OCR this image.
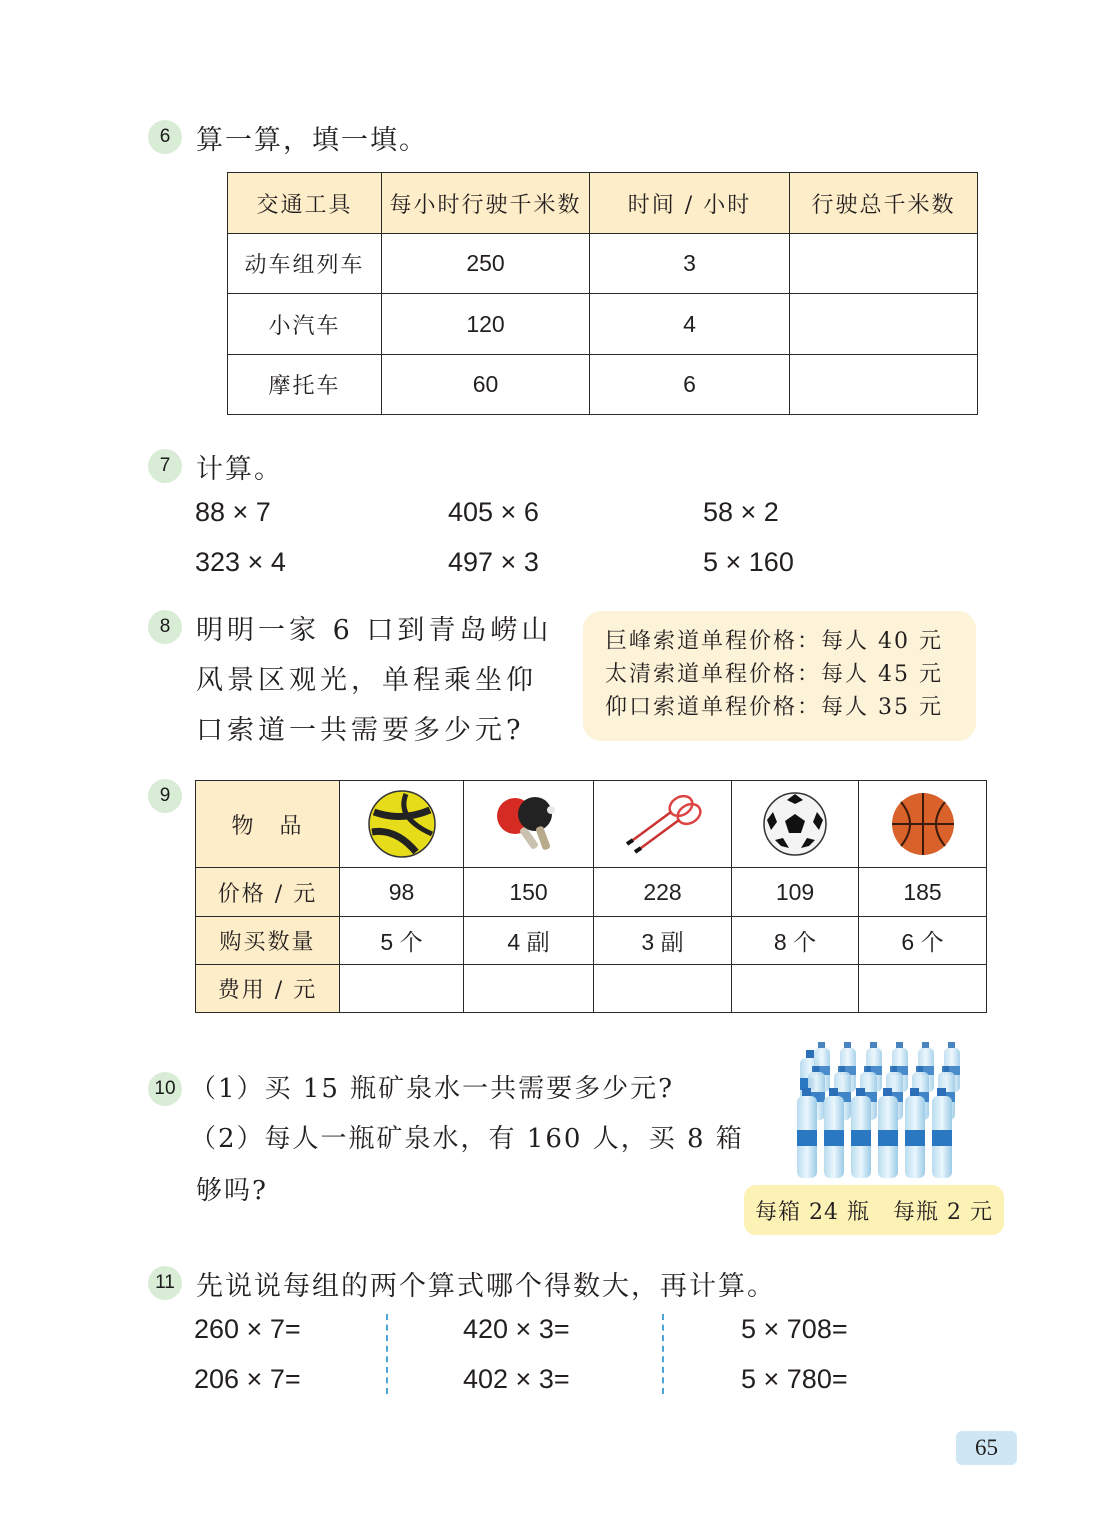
6 算一算，填一填。
交通工具	每小时行驶千米数	时间 / 小时	行驶总千米数
动车组列车	250	3	
小汽车	120	4	
摩托车	60	6	
7 计算。
88 × 7	405 × 6	58 × 2
323 × 4	497 × 3	5 × 160
8 明明一家 6 口到青岛崂山
风景区观光，单程乘坐仰
口索道一共需要多少元?
巨峰索道单程价格：每人 40 元
太清索道单程价格：每人 45 元
仰口索道单程价格：每人 35 元
9
物　品	

价格 / 元	98	150	228	109	185
购买数量	5 个	4 副	3 副	8 个	6 个
费用 / 元					
10 （1）买 15 瓶矿泉水一共需要多少元?
（2）每人一瓶矿泉水，有 160 人，买 8 箱
够吗?
每箱 24 瓶　每瓶 2 元
11 先说说每组的两个算式哪个得数大，再计算。
260 × 7=	420 × 3=	5 × 708=
206 × 7=	402 × 3=	5 × 780=
65
